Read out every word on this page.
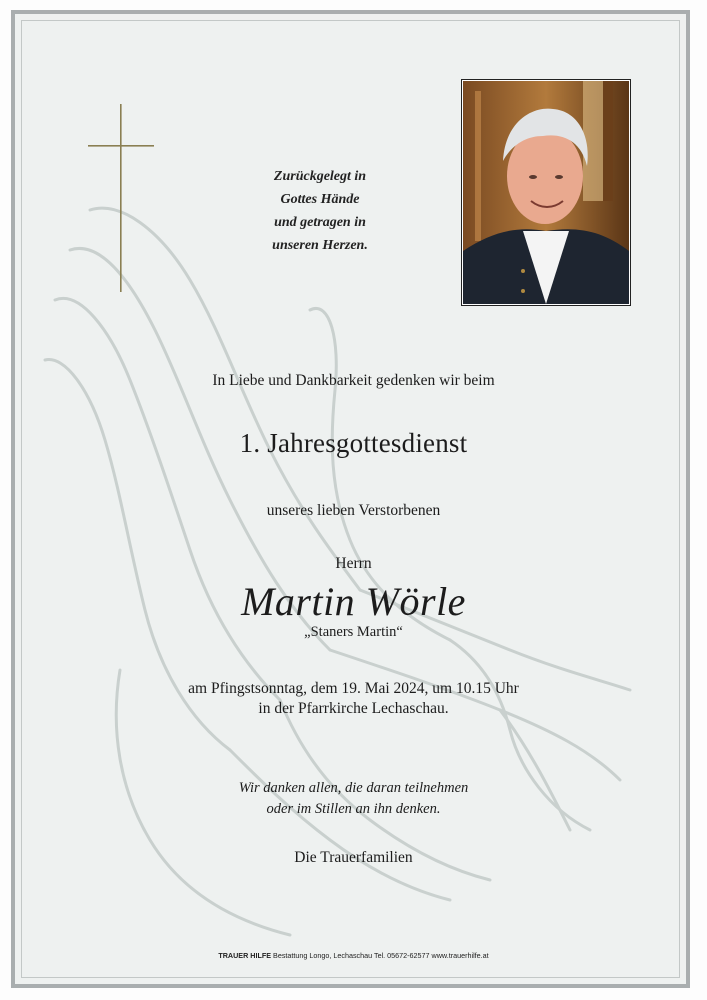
Zurückgelegt in
Gottes Hände
und getragen in
unseren Herzen.
In Liebe und Dankbarkeit gedenken wir beim
1. Jahresgottesdienst
unseres lieben Verstorbenen
Herrn
Martin Wörle
„Staners Martin“
am Pfingstsonntag, dem 19. Mai 2024, um 10.15 Uhr
in der Pfarrkirche Lechaschau.
Wir danken allen, die daran teilnehmen
oder im Stillen an ihn denken.
Die Trauerfamilien
TRAUER HILFE Bestattung Longo, Lechaschau Tel. 05672-62577 www.trauerhilfe.at
